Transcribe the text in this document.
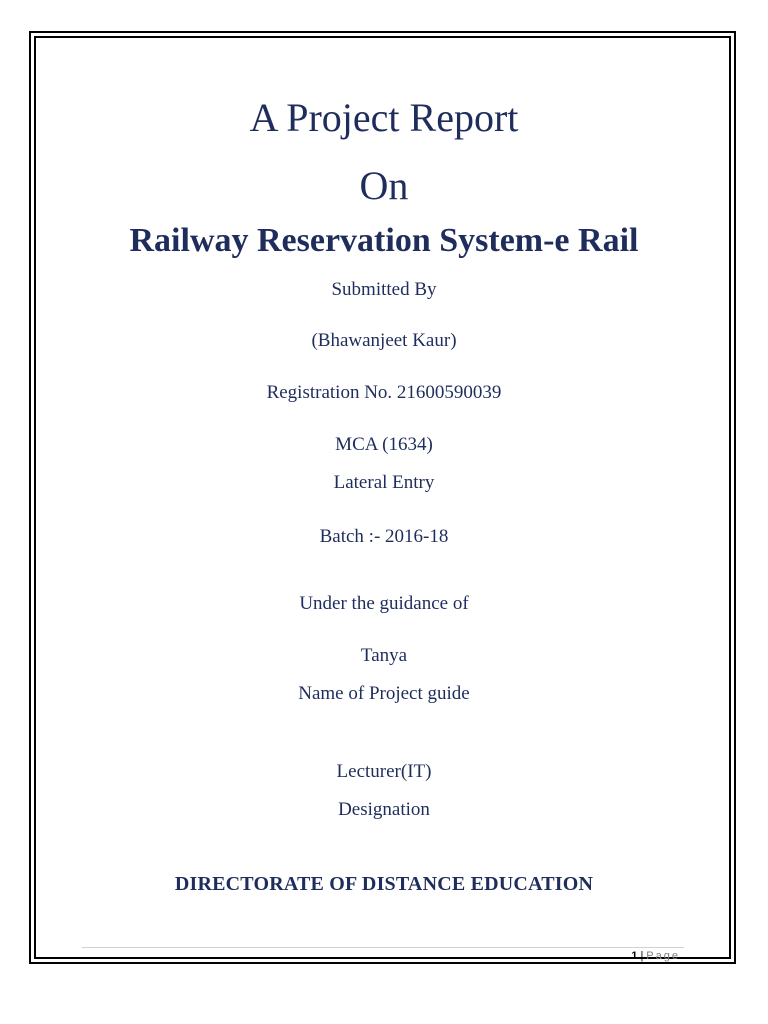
A Project Report
On
Railway Reservation System-e Rail
Submitted By
(Bhawanjeet Kaur)
Registration No. 21600590039
MCA (1634)
Lateral Entry
Batch :- 2016-18
Under the guidance of
Tanya
Name of Project guide
Lecturer(IT)
Designation
DIRECTORATE OF DISTANCE EDUCATION
1 | Page
